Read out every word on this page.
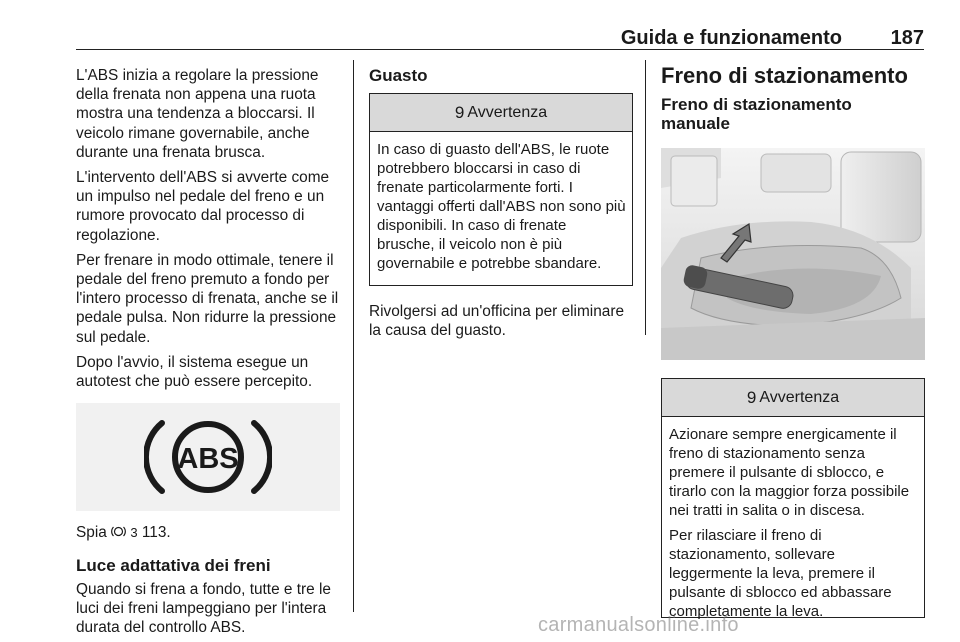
Guida e funzionamento 187

L'ABS inizia a regolare la pressione della frenata non appena una ruota mostra una tendenza a bloccarsi. Il veicolo rimane governabile, anche durante una frenata brusca.

L'intervento dell'ABS si avverte come un impulso nel pedale del freno e un rumore provocato dal processo di regolazione.

Per frenare in modo ottimale, tenere il pedale del freno premuto a fondo per l'intero processo di frenata, anche se il pedale pulsa. Non ridurre la pressione sul pedale.

Dopo l'avvio, il sistema esegue un autotest che può essere percepito.

ABS

Spia 3 113.

Luce adattativa dei freni

Quando si frena a fondo, tutte e tre le luci dei freni lampeggiano per l'intera durata del controllo ABS.

Guasto
9 Avvertenza

In caso di guasto dell'ABS, le ruote potrebbero bloccarsi in caso di frenate particolarmente forti. I vantaggi offerti dall'ABS non sono più disponibili. In caso di frenate brusche, il veicolo non è più governabile e potrebbe sbandare.

Rivolgersi ad un'officina per eliminare la causa del guasto.

Freno di stazionamento
Freno di stazionamento manuale
9 Avvertenza

Azionare sempre energicamente il freno di stazionamento senza premere il pulsante di sblocco, e tirarlo con la maggior forza possibile nei tratti in salita o in discesa.

Per rilasciare il freno di stazionamento, sollevare leggermente la leva, premere il pulsante di sblocco ed abbassare completamente la leva.

carmanualsonline.info
